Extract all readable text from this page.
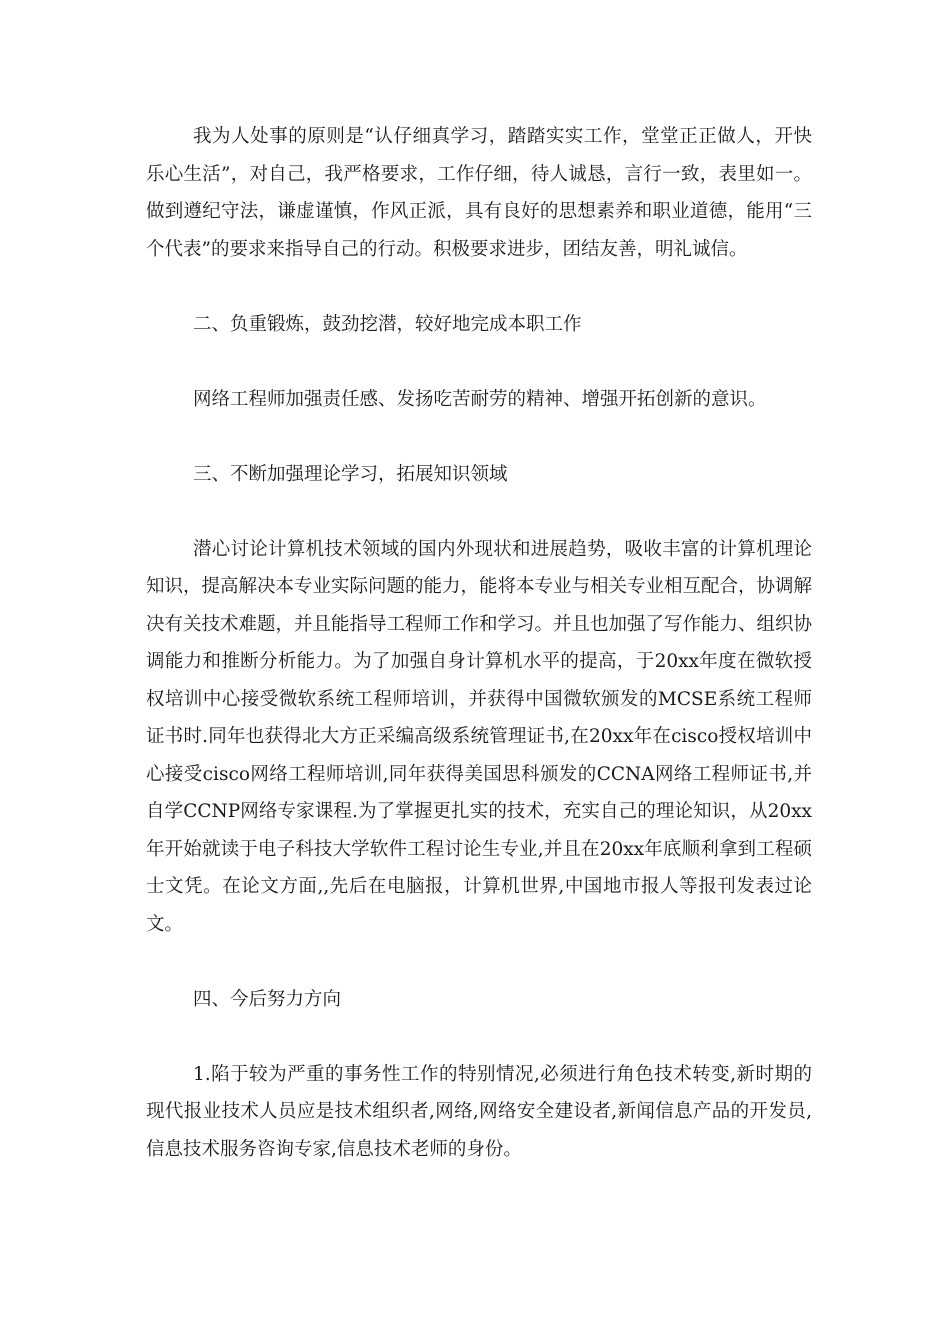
我为人处事的原则是“认仔细真学习，踏踏实实工作，堂堂正正做人，开快乐心生活”，对自己，我严格要求，工作仔细，待人诚恳，言行一致，表里如一。做到遵纪守法，谦虚谨慎，作风正派，具有良好的思想素养和职业道德，能用“三个代表”的要求来指导自己的行动。积极要求进步，团结友善，明礼诚信。

二、负重锻炼，鼓劲挖潜，较好地完成本职工作

网络工程师加强责任感、发扬吃苦耐劳的精神、增强开拓创新的意识。

三、不断加强理论学习，拓展知识领域

潜心讨论计算机技术领域的国内外现状和进展趋势，吸收丰富的计算机理论知识，提高解决本专业实际问题的能力，能将本专业与相关专业相互配合，协调解决有关技术难题，并且能指导工程师工作和学习。并且也加强了写作能力、组织协调能力和推断分析能力。为了加强自身计算机水平的提高，于20xx年度在微软授权培训中心接受微软系统工程师培训，并获得中国微软颁发的MCSE系统工程师证书时.同年也获得北大方正采编高级系统管理证书,在20xx年在cisco授权培训中心接受cisco网络工程师培训,同年获得美国思科颁发的CCNA网络工程师证书,并自学CCNP网络专家课程.为了掌握更扎实的技术，充实自己的理论知识，从20xx年开始就读于电子科技大学软件工程讨论生专业,并且在20xx年底顺利拿到工程硕士文凭。在论文方面,,先后在电脑报，计算机世界,中国地市报人等报刊发表过论文。

四、今后努力方向

1.陷于较为严重的事务性工作的特别情况,必须进行角色技术转变,新时期的现代报业技术人员应是技术组织者,网络,网络安全建设者,新闻信息产品的开发员,信息技术服务咨询专家,信息技术老师的身份。
